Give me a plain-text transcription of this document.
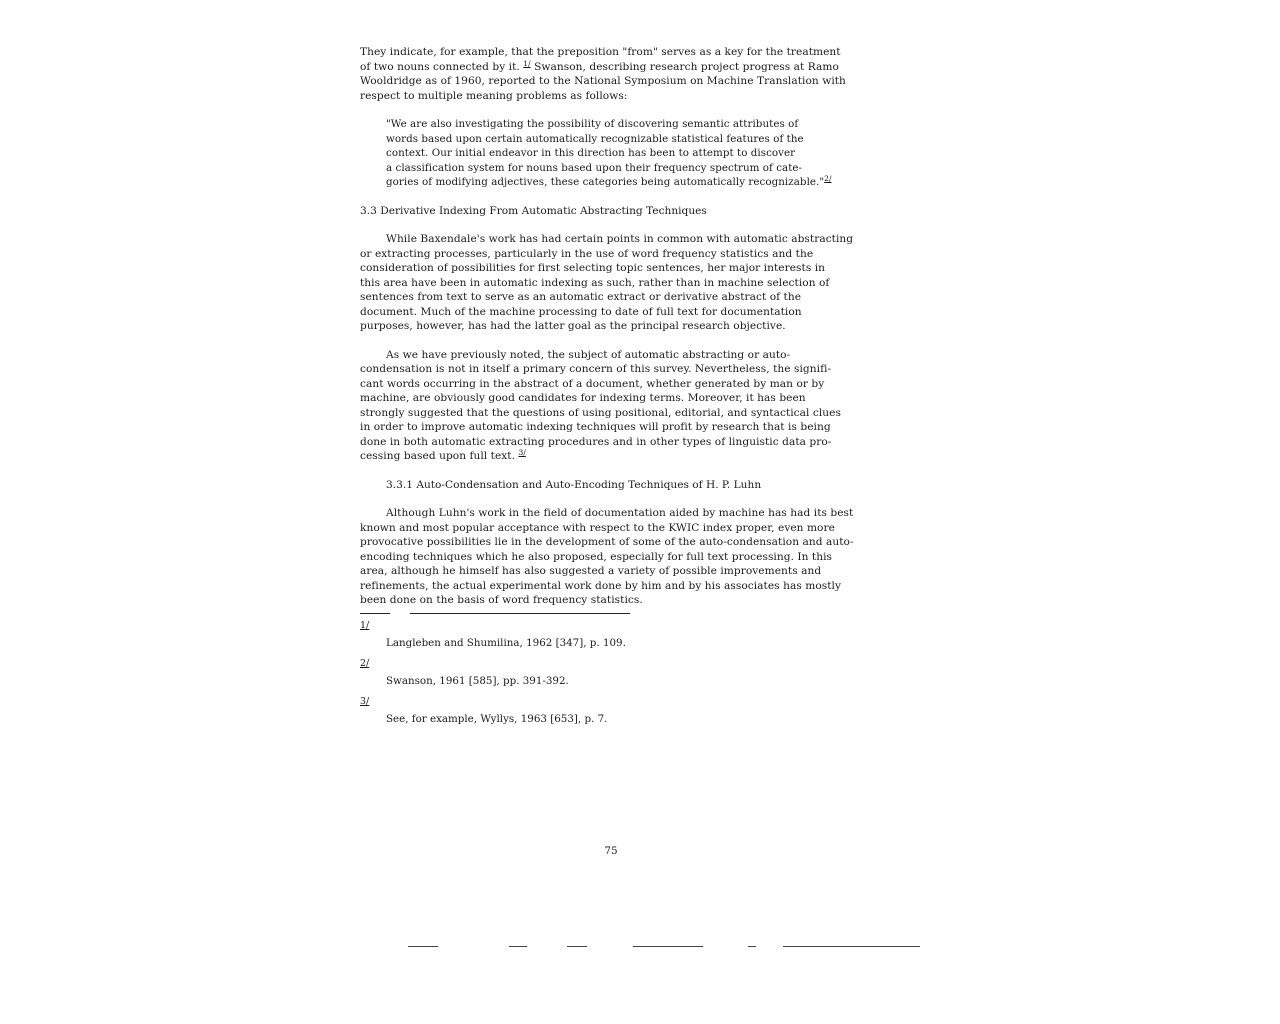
They indicate, for example, that the preposition "from" serves as a key for the treatment
of two nouns connected by it. $^{1/}$ Swanson, describing research project progress at Ramo
Wooldridge as of 1960, reported to the National Symposium on Machine Translation with
respect to multiple meaning problems as follows:

"We are also investigating the possibility of discovering semantic attributes of
words based upon certain automatically recognizable statistical features of the
context. Our initial endeavor in this direction has been to attempt to discover
a classification system for nouns based upon their frequency spectrum of cate-
gories of modifying adjectives, these categories being automatically recognizable."$^{2/}$

3.3 Derivative Indexing From Automatic Abstracting Techniques

While Baxendale's work has had certain points in common with automatic abstracting
or extracting processes, particularly in the use of word frequency statistics and the
consideration of possibilities for first selecting topic sentences, her major interests in
this area have been in automatic indexing as such, rather than in machine selection of
sentences from text to serve as an automatic extract or derivative abstract of the
document. Much of the machine processing to date of full text for documentation
purposes, however, has had the latter goal as the principal research objective.

As we have previously noted, the subject of automatic abstracting or auto-
condensation is not in itself a primary concern of this survey. Nevertheless, the signifi-
cant words occurring in the abstract of a document, whether generated by man or by
machine, are obviously good candidates for indexing terms. Moreover, it has been
strongly suggested that the questions of using positional, editorial, and syntactical clues
in order to improve automatic indexing techniques will profit by research that is being
done in both automatic extracting procedures and in other types of linguistic data pro-
cessing based upon full text. $^{3/}$

3.3.1 Auto-Condensation and Auto-Encoding Techniques of H. P. Luhn

Although Luhn's work in the field of documentation aided by machine has had its best
known and most popular acceptance with respect to the KWIC index proper, even more
provocative possibilities lie in the development of some of the auto-condensation and auto-
encoding techniques which he also proposed, especially for full text processing. In this
area, although he himself has also suggested a variety of possible improvements and
refinements, the actual experimental work done by him and by his associates has mostly
been done on the basis of word frequency statistics.

1/
Langleben and Shumilina, 1962 [347], p. 109.
2/
Swanson, 1961 [585], pp. 391-392.
3/
See, for example, Wyllys, 1963 [653], p. 7.
75
